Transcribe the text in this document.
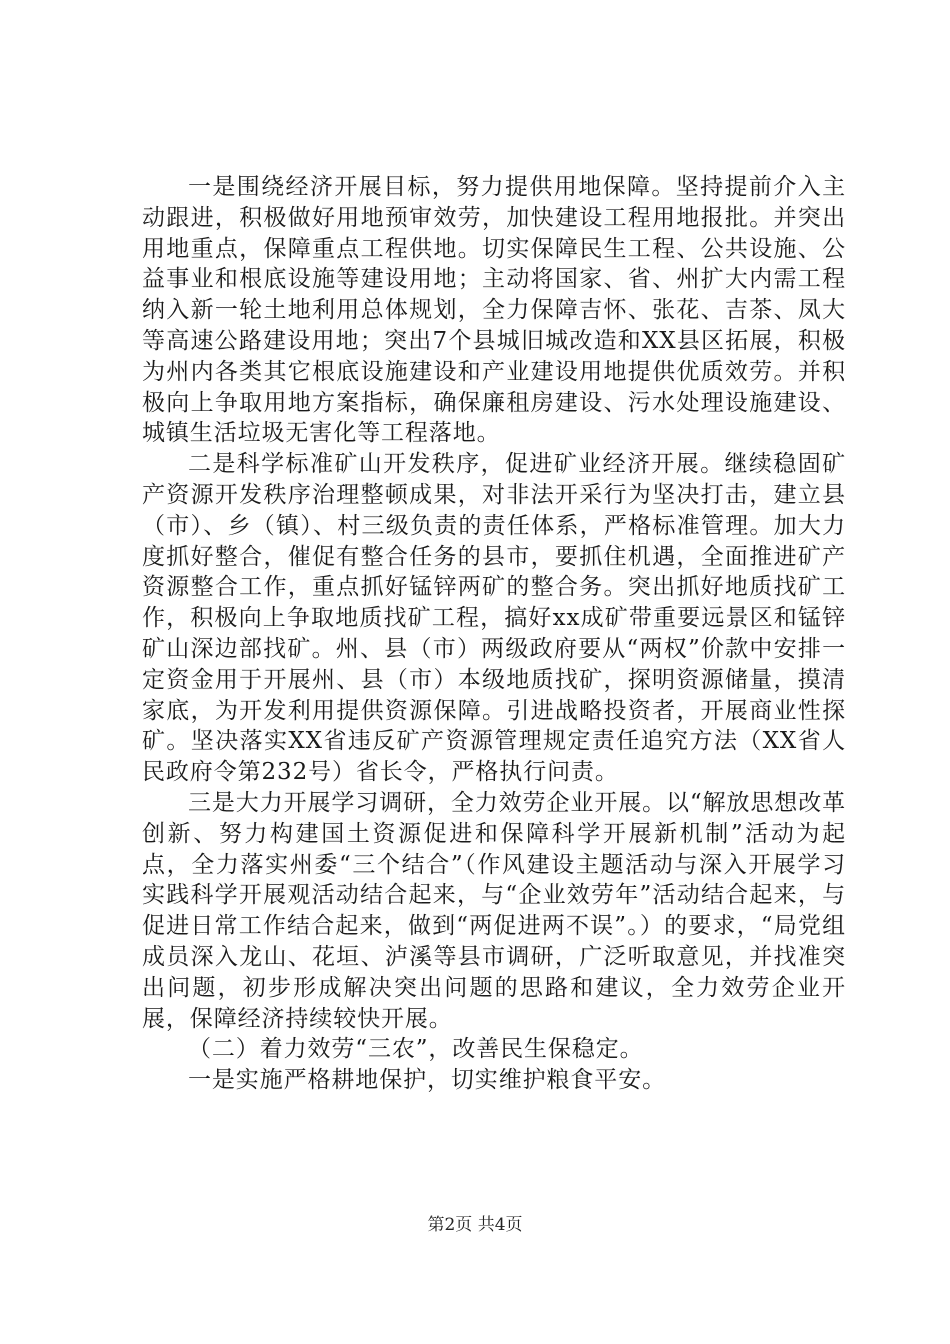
一是围绕经济开展目标，努力提供用地保障。坚持提前介入主动跟进，积极做好用地预审效劳，加快建设工程用地报批。并突出用地重点，保障重点工程供地。切实保障民生工程、公共设施、公益事业和根底设施等建设用地；主动将国家、省、州扩大内需工程纳入新一轮土地利用总体规划，全力保障吉怀、张花、吉茶、凤大等高速公路建设用地；突出7个县城旧城改造和XX县区拓展，积极为州内各类其它根底设施建设和产业建设用地提供优质效劳。并积极向上争取用地方案指标，确保廉租房建设、污水处理设施建设、城镇生活垃圾无害化等工程落地。

二是科学标准矿山开发秩序，促进矿业经济开展。继续稳固矿产资源开发秩序治理整顿成果，对非法开采行为坚决打击，建立县（市）、乡（镇）、村三级负责的责任体系，严格标准管理。加大力度抓好整合，催促有整合任务的县市，要抓住机遇，全面推进矿产资源整合工作，重点抓好锰锌两矿的整合务。突出抓好地质找矿工作，积极向上争取地质找矿工程，搞好xx成矿带重要远景区和锰锌矿山深边部找矿。州、县（市）两级政府要从“两权”价款中安排一定资金用于开展州、县（市）本级地质找矿，探明资源储量，摸清家底，为开发利用提供资源保障。引进战略投资者，开展商业性探矿。坚决落实XX省违反矿产资源管理规定责任追究方法（XX省人民政府令第232号）省长令，严格执行问责。

三是大力开展学习调研，全力效劳企业开展。以“解放思想改革创新、努力构建国土资源促进和保障科学开展新机制”活动为起点，全力落实州委“三个结合”（作风建设主题活动与深入开展学习实践科学开展观活动结合起来，与“企业效劳年”活动结合起来，与促进日常工作结合起来，做到“两促进两不误”。）的要求，“局党组成员深入龙山、花垣、泸溪等县市调研，广泛听取意见，并找准突出问题，初步形成解决突出问题的思路和建议，全力效劳企业开展，保障经济持续较快开展。

（二）着力效劳“三农”，改善民生保稳定。

一是实施严格耕地保护，切实维护粮食平安。

第2页 共4页
